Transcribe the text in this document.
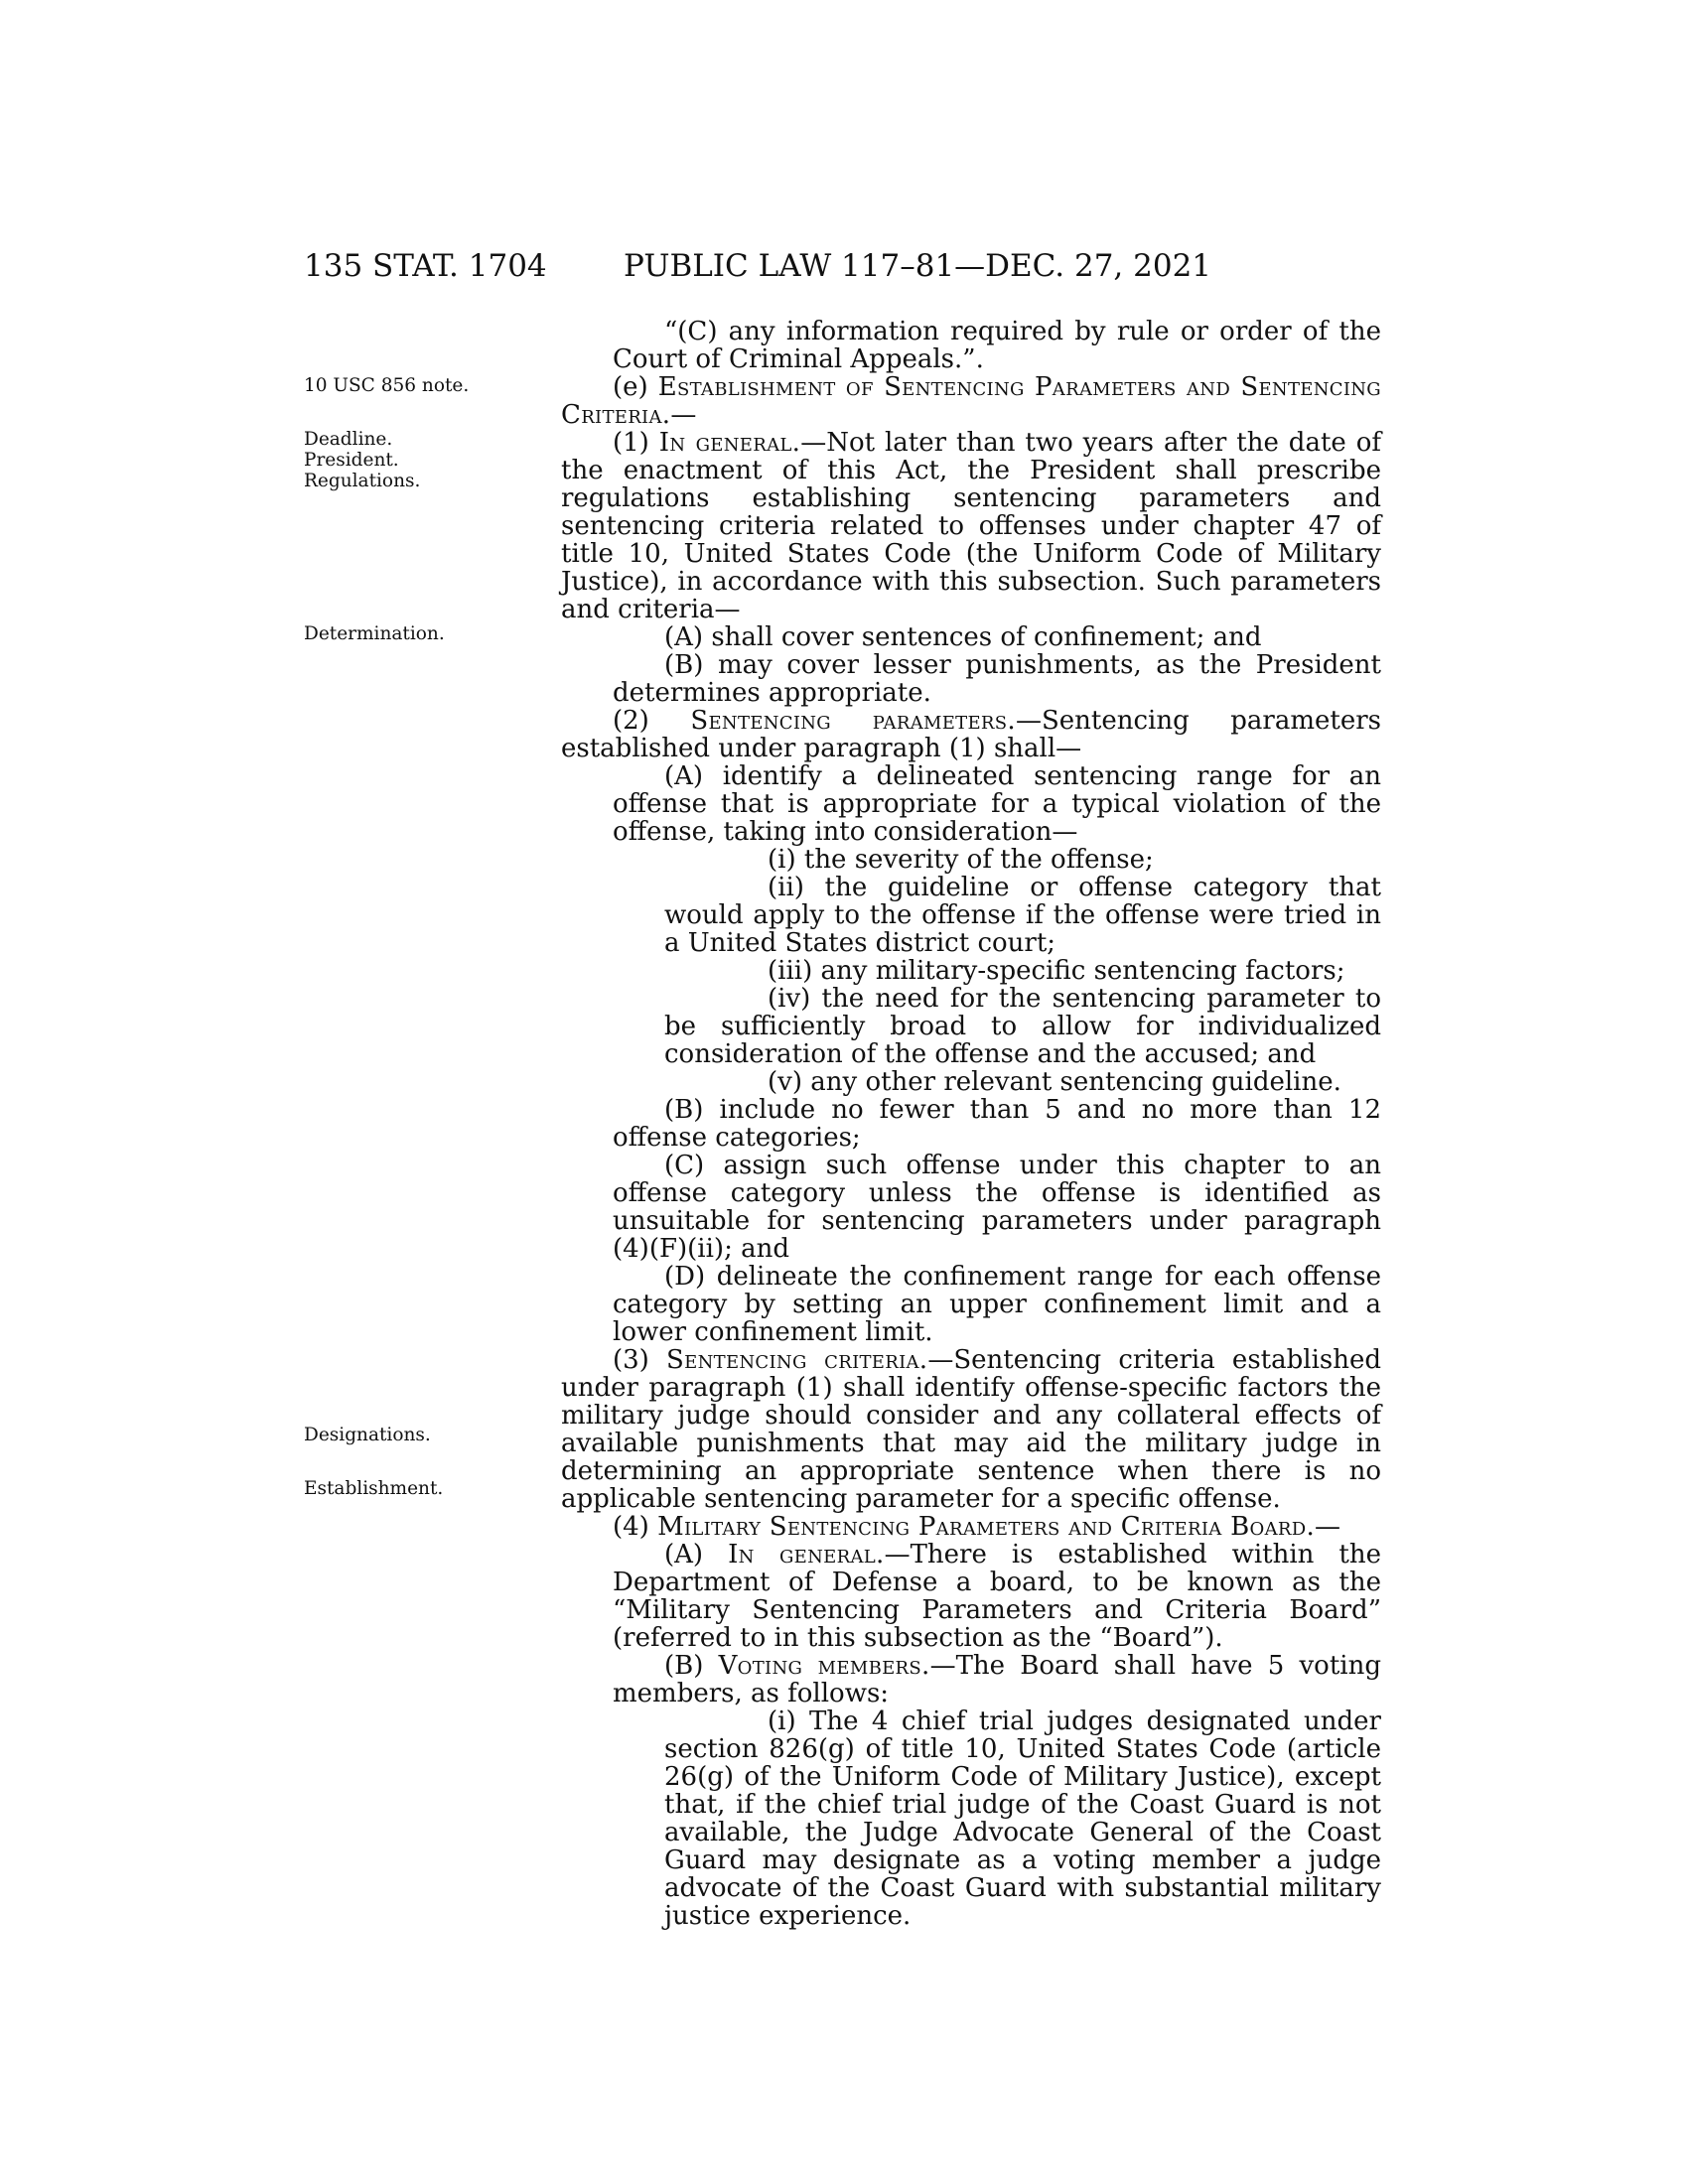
135 STAT. 1704 PUBLIC LAW 117–81—DEC. 27, 2021
10 USC 856 note.
Deadline.
President.
Regulations.
Determination.
Designations.
Establishment.

“(C) any information required by rule or order of the Court of Criminal Appeals.”.

(e) Establishment of Sentencing Parameters and Sentencing Criteria.—

(1) In general.—Not later than two years after the date of the enactment of this Act, the President shall prescribe regulations establishing sentencing parameters and sentencing criteria related to offenses under chapter 47 of title 10, United States Code (the Uniform Code of Military Justice), in accordance with this subsection. Such parameters and criteria—

(A) shall cover sentences of confinement; and

(B) may cover lesser punishments, as the President determines appropriate.

(2) Sentencing parameters.—Sentencing parameters established under paragraph (1) shall—

(A) identify a delineated sentencing range for an offense that is appropriate for a typical violation of the offense, taking into consideration—

(i) the severity of the offense;

(ii) the guideline or offense category that would apply to the offense if the offense were tried in a United States district court;

(iii) any military-specific sentencing factors;

(iv) the need for the sentencing parameter to be sufficiently broad to allow for individualized consideration of the offense and the accused; and

(v) any other relevant sentencing guideline.

(B) include no fewer than 5 and no more than 12 offense categories;

(C) assign such offense under this chapter to an offense category unless the offense is identified as unsuitable for sentencing parameters under paragraph (4)(F)(ii); and

(D) delineate the confinement range for each offense category by setting an upper confinement limit and a lower confinement limit.

(3) Sentencing criteria.—Sentencing criteria established under paragraph (1) shall identify offense-specific factors the military judge should consider and any collateral effects of available punishments that may aid the military judge in determining an appropriate sentence when there is no applicable sentencing parameter for a specific offense.

(4) Military Sentencing Parameters and Criteria Board.—

(A) In general.—There is established within the Department of Defense a board, to be known as the “Military Sentencing Parameters and Criteria Board” (referred to in this subsection as the “Board”).

(B) Voting members.—The Board shall have 5 voting members, as follows:

(i) The 4 chief trial judges designated under section 826(g) of title 10, United States Code (article 26(g) of the Uniform Code of Military Justice), except that, if the chief trial judge of the Coast Guard is not available, the Judge Advocate General of the Coast Guard may designate as a voting member a judge advocate of the Coast Guard with substantial military justice experience.
